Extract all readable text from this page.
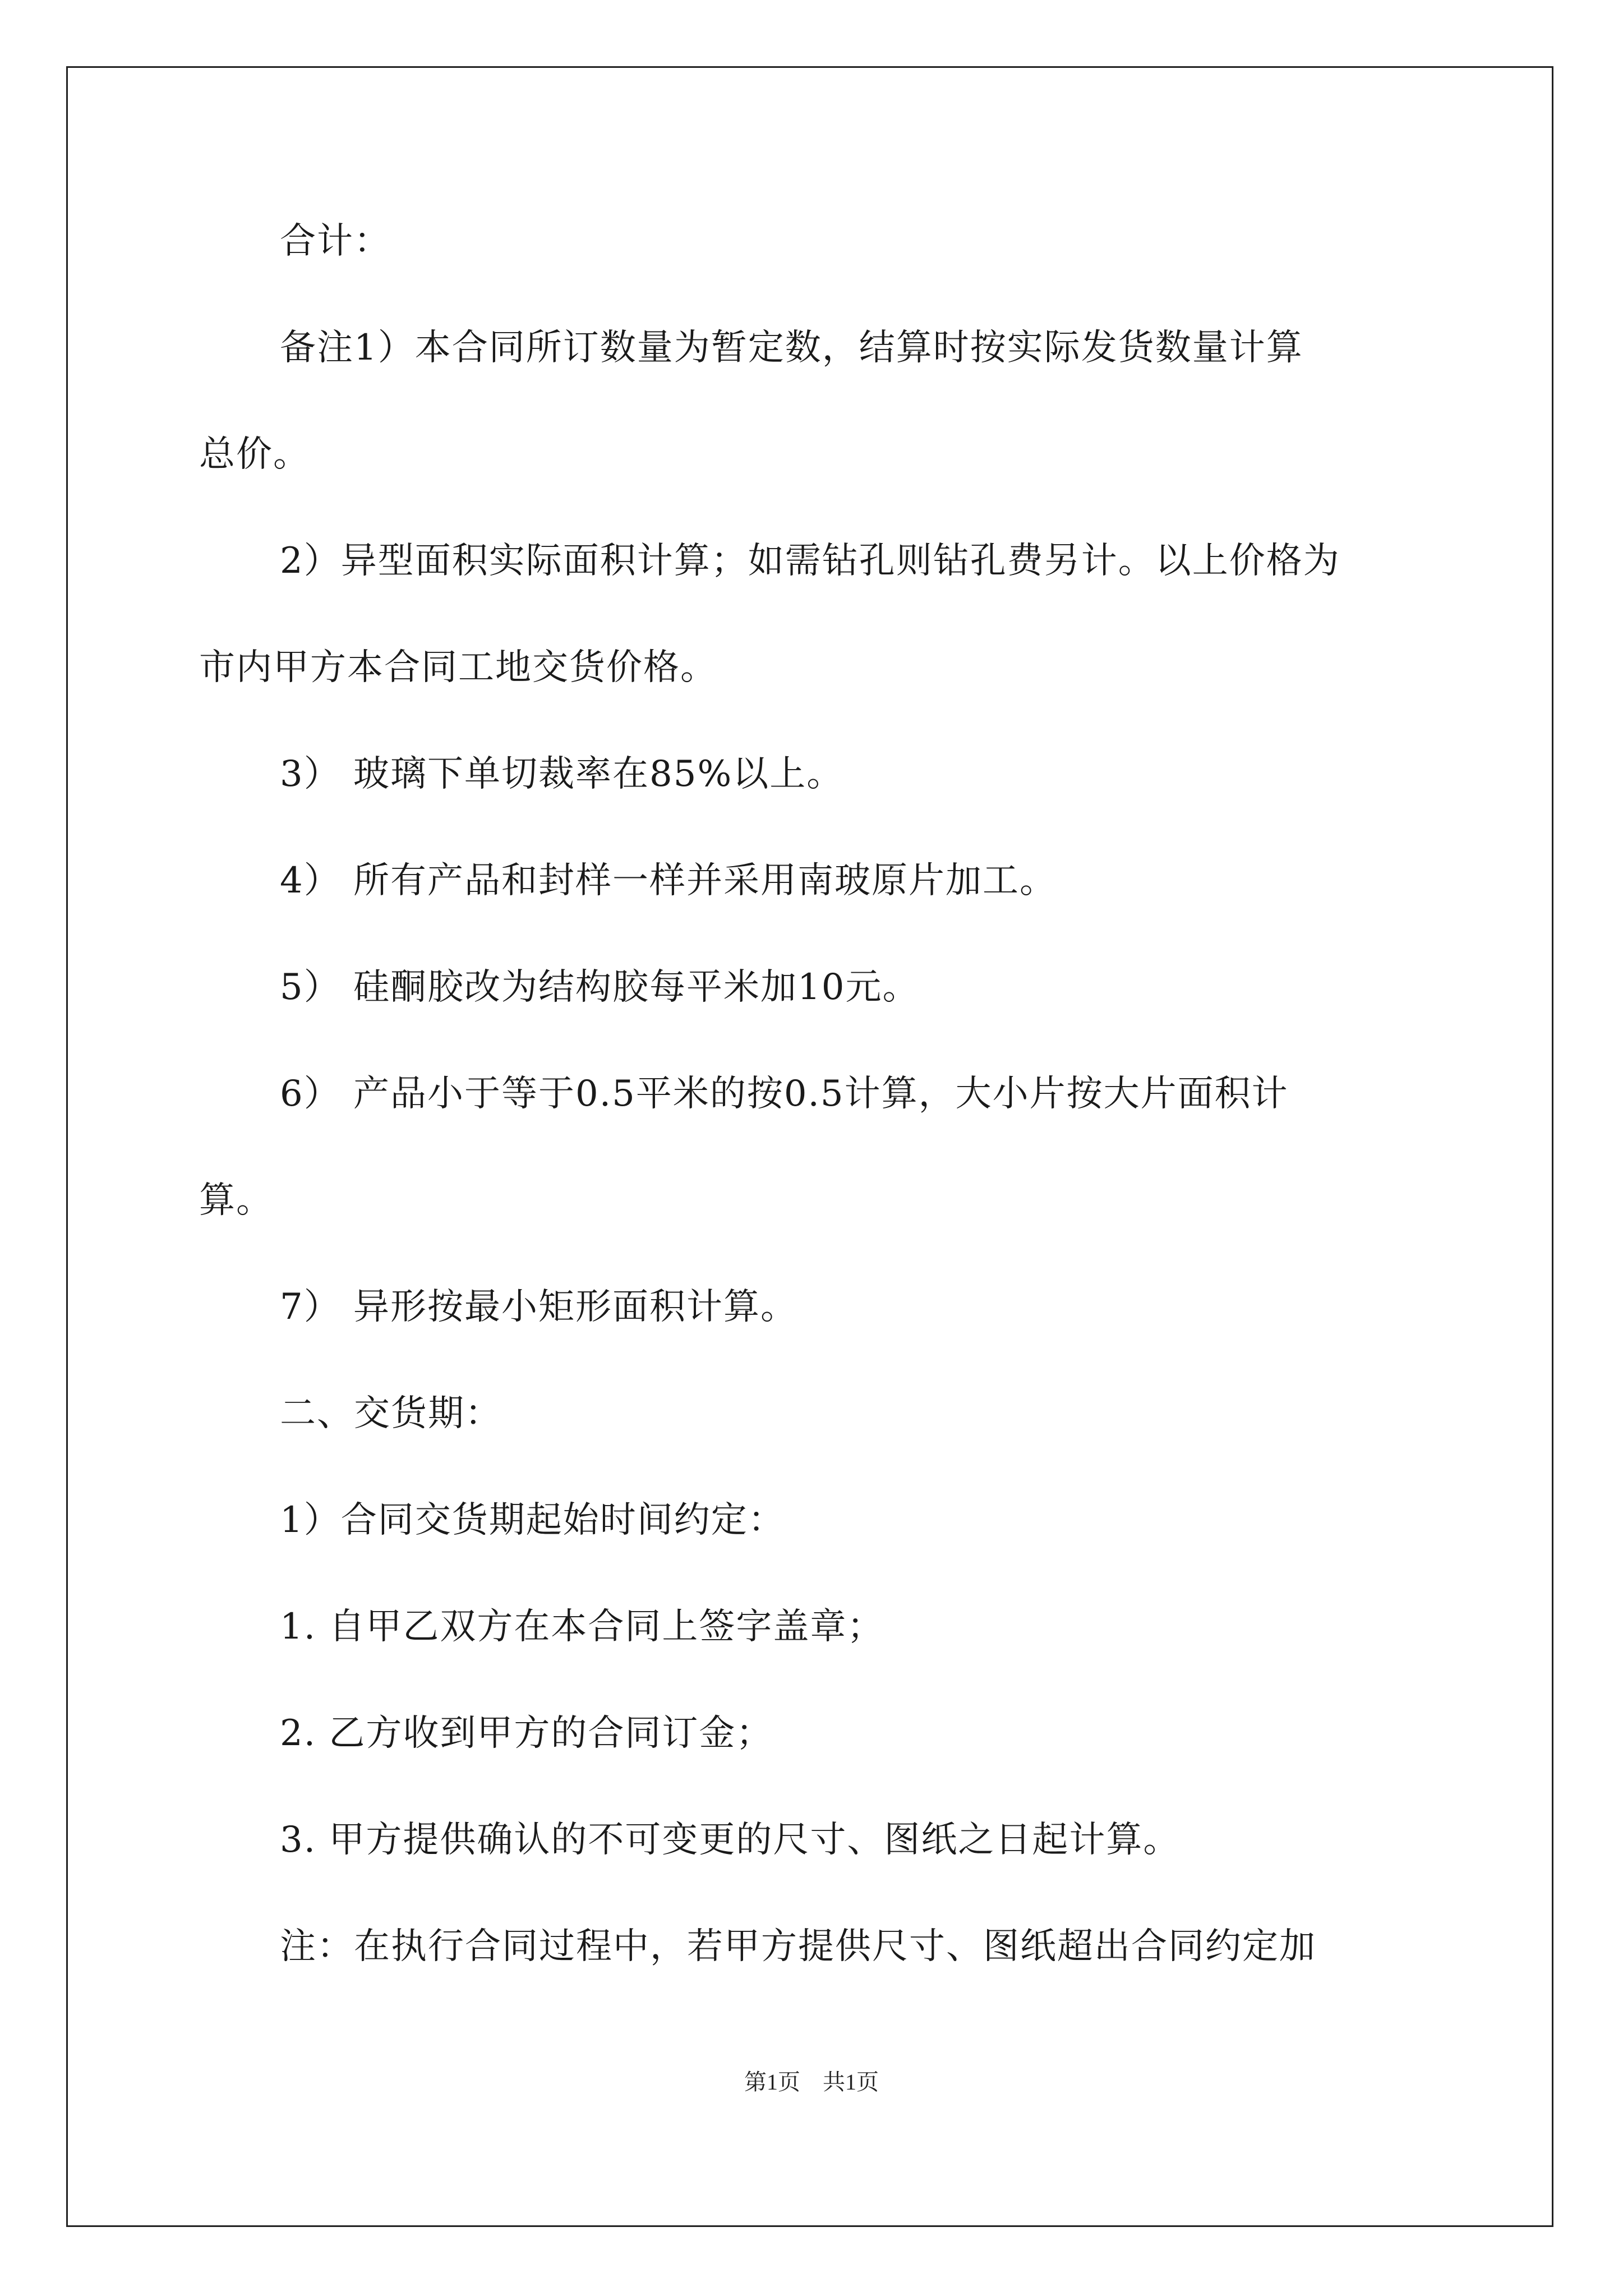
合计：
备注1）本合同所订数量为暂定数，结算时按实际发货数量计算
总价。
2）异型面积实际面积计算；如需钻孔则钻孔费另计。以上价格为
市内甲方本合同工地交货价格。
3） 玻璃下单切裁率在85%以上。
4） 所有产品和封样一样并采用南玻原片加工。
5） 硅酮胶改为结构胶每平米加10元。
6） 产品小于等于0.5平米的按0.5计算，大小片按大片面积计
算。
7） 异形按最小矩形面积计算。
二、交货期：
1）合同交货期起始时间约定：
1. 自甲乙双方在本合同上签字盖章；
2. 乙方收到甲方的合同订金；
3. 甲方提供确认的不可变更的尺寸、图纸之日起计算。
注：在执行合同过程中，若甲方提供尺寸、图纸超出合同约定加
第1页　共1页
